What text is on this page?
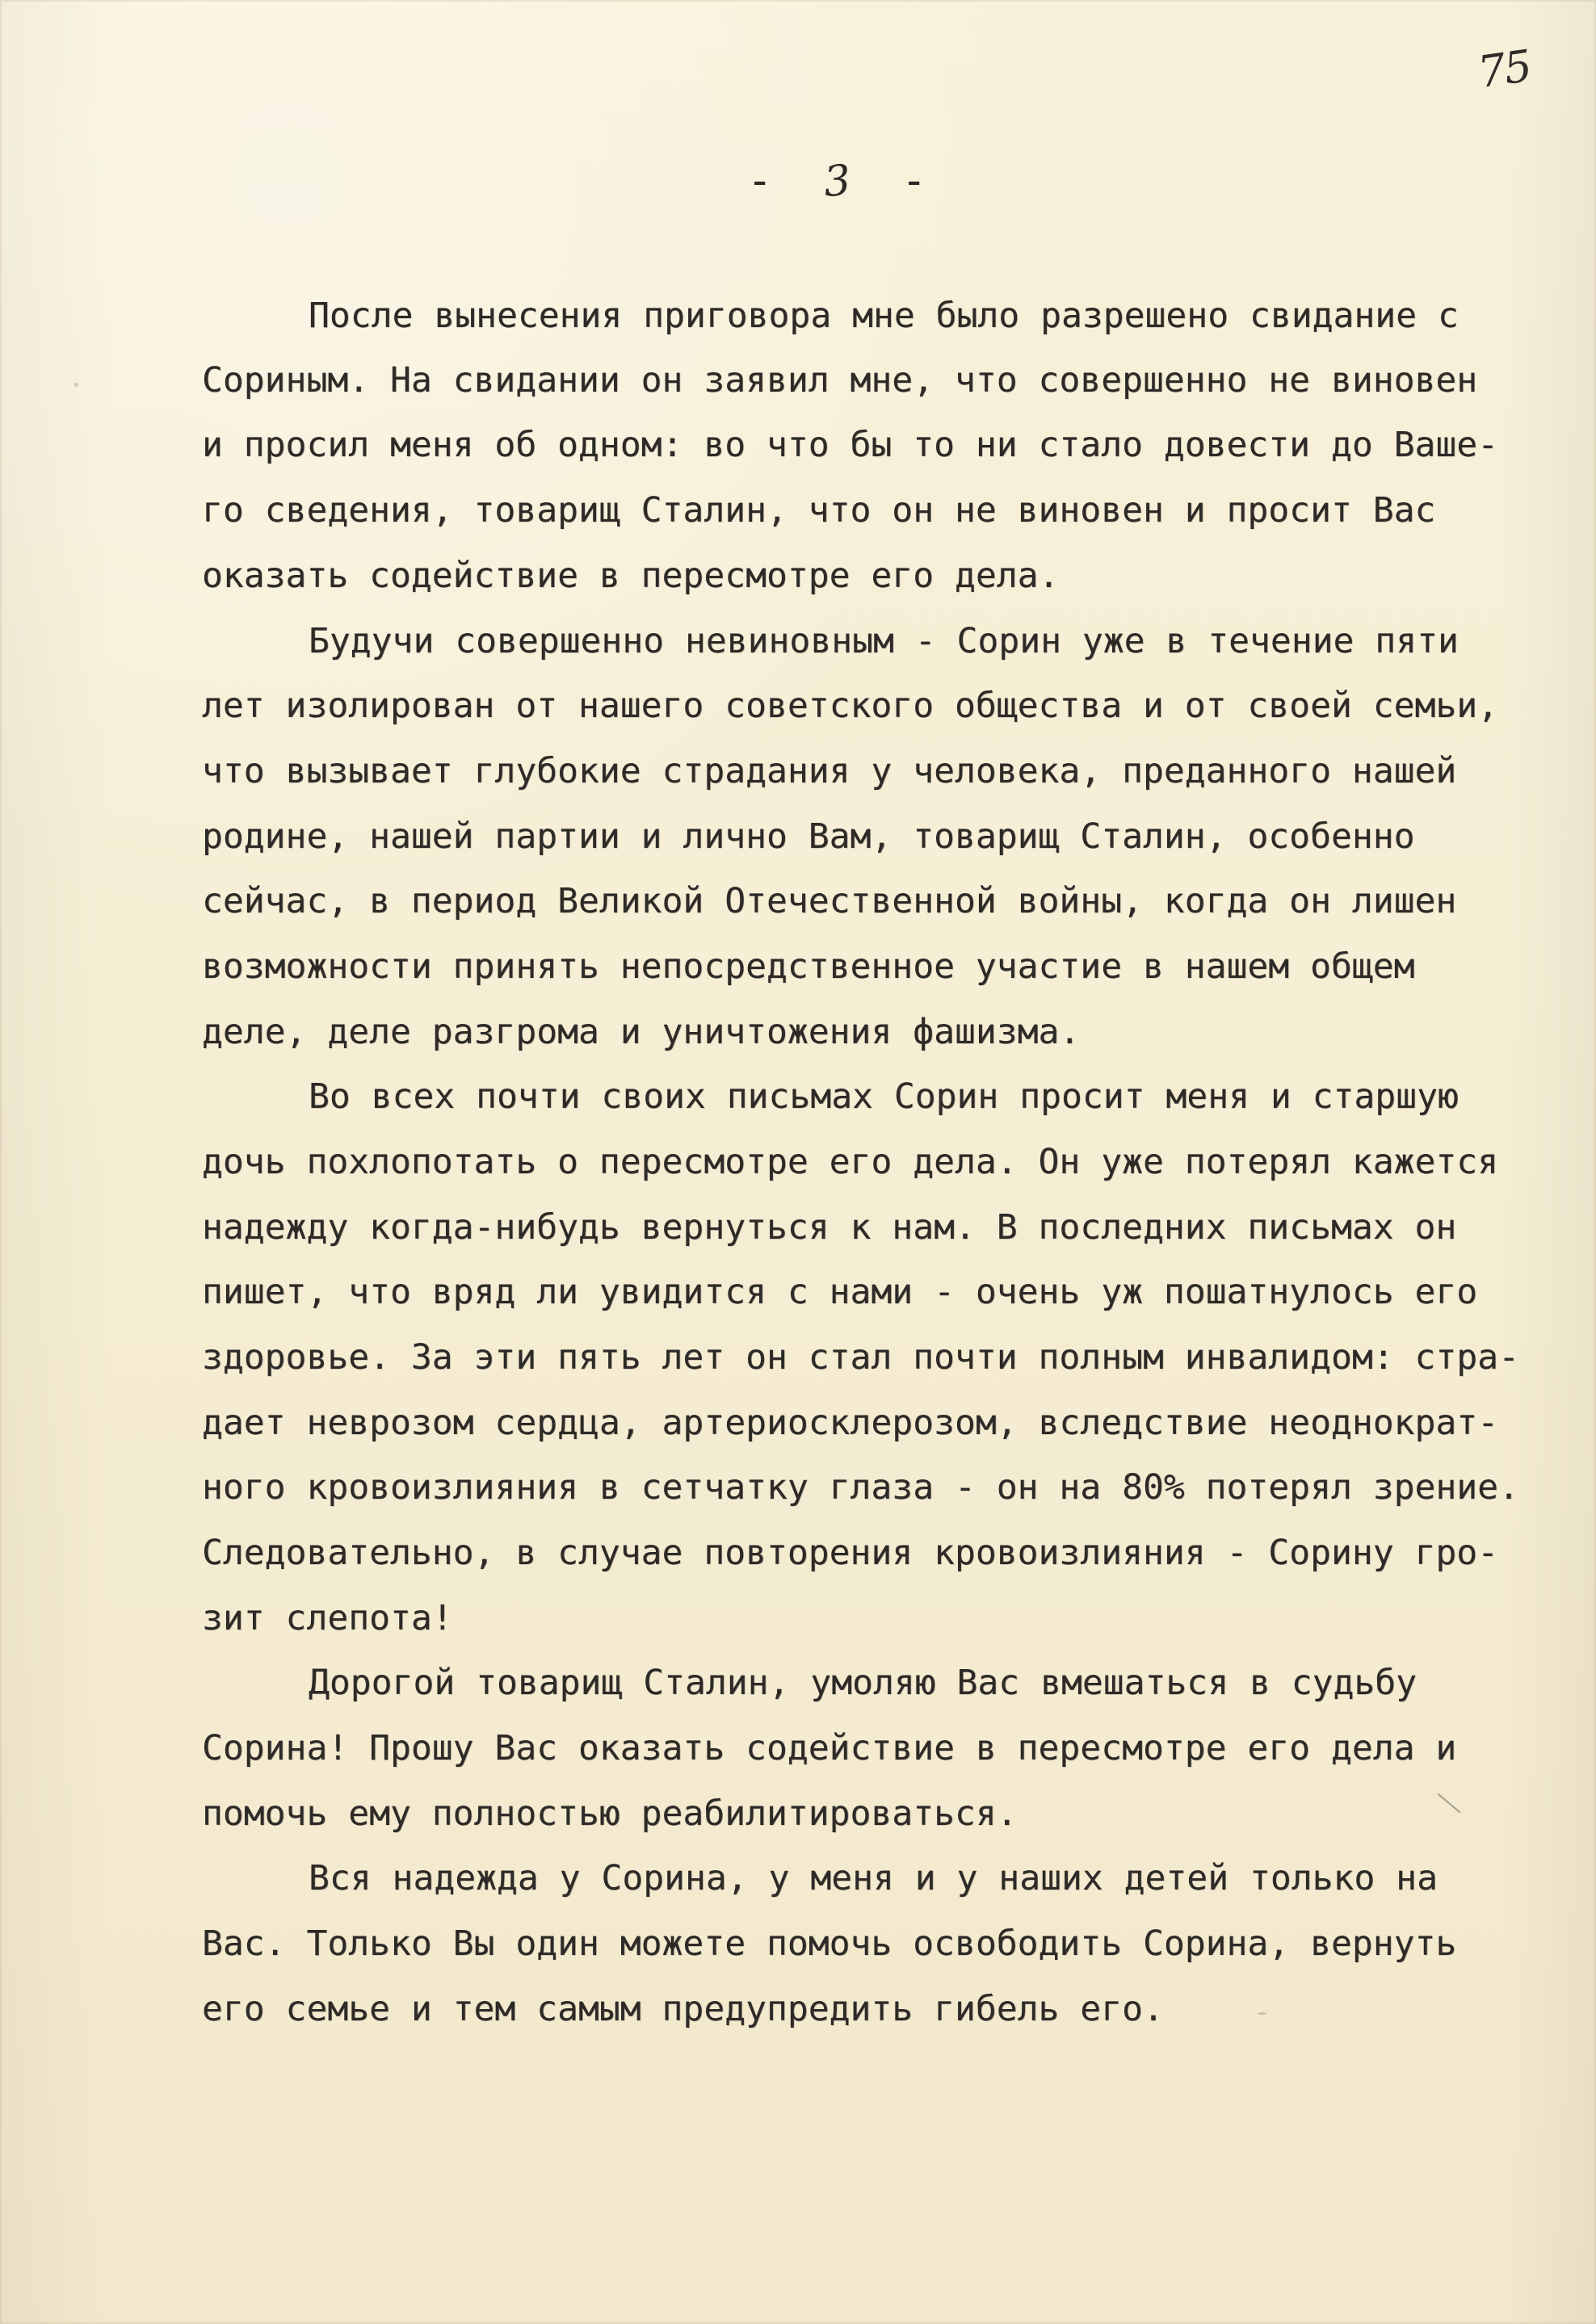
75
- 3 -
После вынесения приговора мне было разрешено свидание с
Сориным. На свидании он заявил мне, что совершенно не виновен
и просил меня об одном: во что бы то ни стало довести до Ваше-
го сведения, товарищ Сталин, что он не виновен и просит Вас
оказать содействие в пересмотре его дела.
Будучи совершенно невиновным - Сорин уже в течение пяти
лет изолирован от нашего советского общества и от своей семьи,
что вызывает глубокие страдания у человека, преданного нашей
родине, нашей партии и лично Вам, товарищ Сталин, особенно
сейчас, в период Великой Отечественной войны, когда он лишен
возможности принять непосредственное участие в нашем общем
деле, деле разгрома и уничтожения фашизма.
Во всех почти своих письмах Сорин просит меня и старшую
дочь похлопотать о пересмотре его дела. Он уже потерял кажется
надежду когда-нибудь вернуться к нам. В последних письмах он
пишет, что вряд ли увидится с нами - очень уж пошатнулось его
здоровье. За эти пять лет он стал почти полным инвалидом: стра-
дает неврозом сердца, артериосклерозом, вследствие неоднократ-
ного кровоизлияния в сетчатку глаза - он на 80% потерял зрение.
Следовательно, в случае повторения кровоизлияния - Сорину гро-
зит слепота!
Дорогой товарищ Сталин, умоляю Вас вмешаться в судьбу
Сорина! Прошу Вас оказать содействие в пересмотре его дела и
помочь ему полностью реабилитироваться.
Вся надежда у Сорина, у меня и у наших детей только на
Вас. Только Вы один можете помочь освободить Сорина, вернуть
его семье и тем самым предупредить гибель его.
